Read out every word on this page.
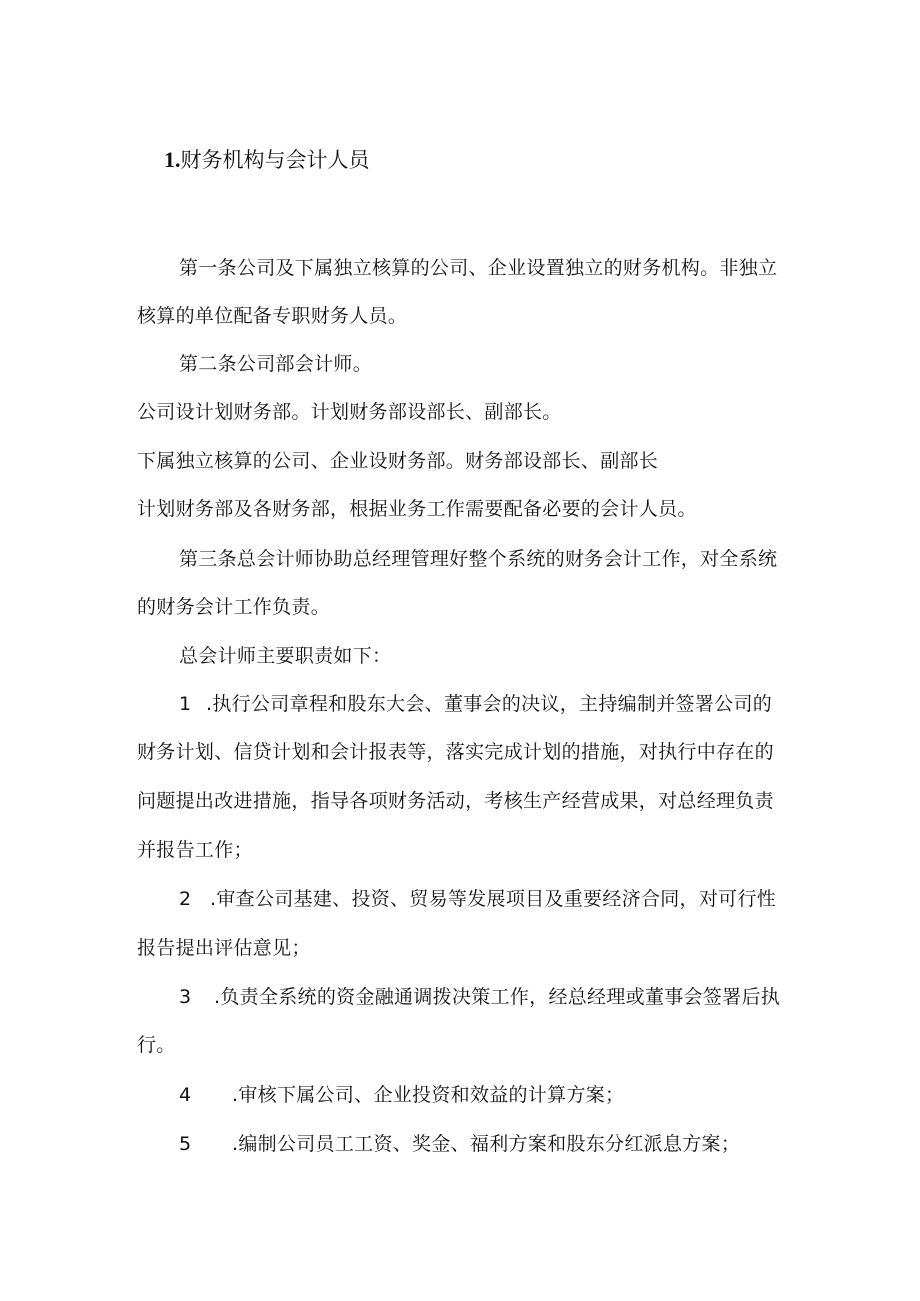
1.财务机构与会计人员
第一条公司及下属独立核算的公司、企业设置独立的财务机构。非独立
核算的单位配备专职财务人员。
第二条公司部会计师。
公司设计划财务部。计划财务部设部长、副部长。
下属独立核算的公司、企业设财务部。财务部设部长、副部长
计划财务部及各财务部，根据业务工作需要配备必要的会计人员。
第三条总会计师协助总经理管理好整个系统的财务会计工作，对全系统
的财务会计工作负责。
总会计师主要职责如下：
1 .执行公司章程和股东大会、董事会的决议，主持编制并签署公司的
财务计划、信贷计划和会计报表等，落实完成计划的措施，对执行中存在的
问题提出改进措施，指导各项财务活动，考核生产经营成果，对总经理负责
并报告工作；
2 .审查公司基建、投资、贸易等发展项目及重要经济合同，对可行性
报告提出评估意见；
3 .负责全系统的资金融通调拨决策工作，经总经理或董事会签署后执
行。
4 .审核下属公司、企业投资和效益的计算方案；
5 .编制公司员工工资、奖金、福利方案和股东分红派息方案；
